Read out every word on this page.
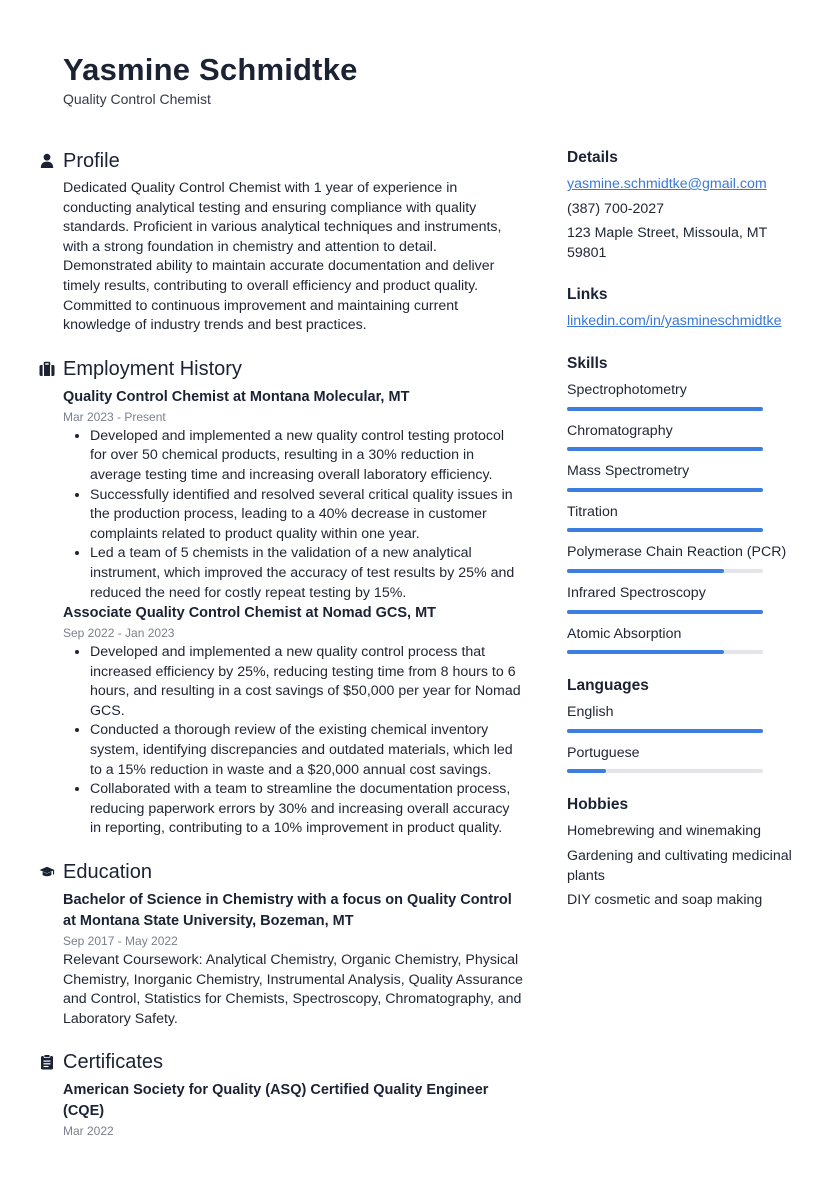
Yasmine Schmidtke
Quality Control Chemist
Profile
Dedicated Quality Control Chemist with 1 year of experience in conducting analytical testing and ensuring compliance with quality standards. Proficient in various analytical techniques and instruments, with a strong foundation in chemistry and attention to detail. Demonstrated ability to maintain accurate documentation and deliver timely results, contributing to overall efficiency and product quality. Committed to continuous improvement and maintaining current knowledge of industry trends and best practices.
Employment History
Quality Control Chemist at Montana Molecular, MT
Mar 2023 - Present
• Developed and implemented a new quality control testing protocol for over 50 chemical products, resulting in a 30% reduction in average testing time and increasing overall laboratory efficiency.
• Successfully identified and resolved several critical quality issues in the production process, leading to a 40% decrease in customer complaints related to product quality within one year.
• Led a team of 5 chemists in the validation of a new analytical instrument, which improved the accuracy of test results by 25% and reduced the need for costly repeat testing by 15%.
Associate Quality Control Chemist at Nomad GCS, MT
Sep 2022 - Jan 2023
• Developed and implemented a new quality control process that increased efficiency by 25%, reducing testing time from 8 hours to 6 hours, and resulting in a cost savings of $50,000 per year for Nomad GCS.
• Conducted a thorough review of the existing chemical inventory system, identifying discrepancies and outdated materials, which led to a 15% reduction in waste and a $20,000 annual cost savings.
• Collaborated with a team to streamline the documentation process, reducing paperwork errors by 30% and increasing overall accuracy in reporting, contributing to a 10% improvement in product quality.
Education
Bachelor of Science in Chemistry with a focus on Quality Control at Montana State University, Bozeman, MT
Sep 2017 - May 2022
Relevant Coursework: Analytical Chemistry, Organic Chemistry, Physical Chemistry, Inorganic Chemistry, Instrumental Analysis, Quality Assurance and Control, Statistics for Chemists, Spectroscopy, Chromatography, and Laboratory Safety.
Certificates
American Society for Quality (ASQ) Certified Quality Engineer (CQE)
Mar 2022
Details
yasmine.schmidtke@gmail.com
(387) 700-2027
123 Maple Street, Missoula, MT 59801
Links
linkedin.com/in/yasmineschmidtke
Skills
Spectrophotometry
Chromatography
Mass Spectrometry
Titration
Polymerase Chain Reaction (PCR)
Infrared Spectroscopy
Atomic Absorption
Languages
English
Portuguese
Hobbies
Homebrewing and winemaking
Gardening and cultivating medicinal plants
DIY cosmetic and soap making
